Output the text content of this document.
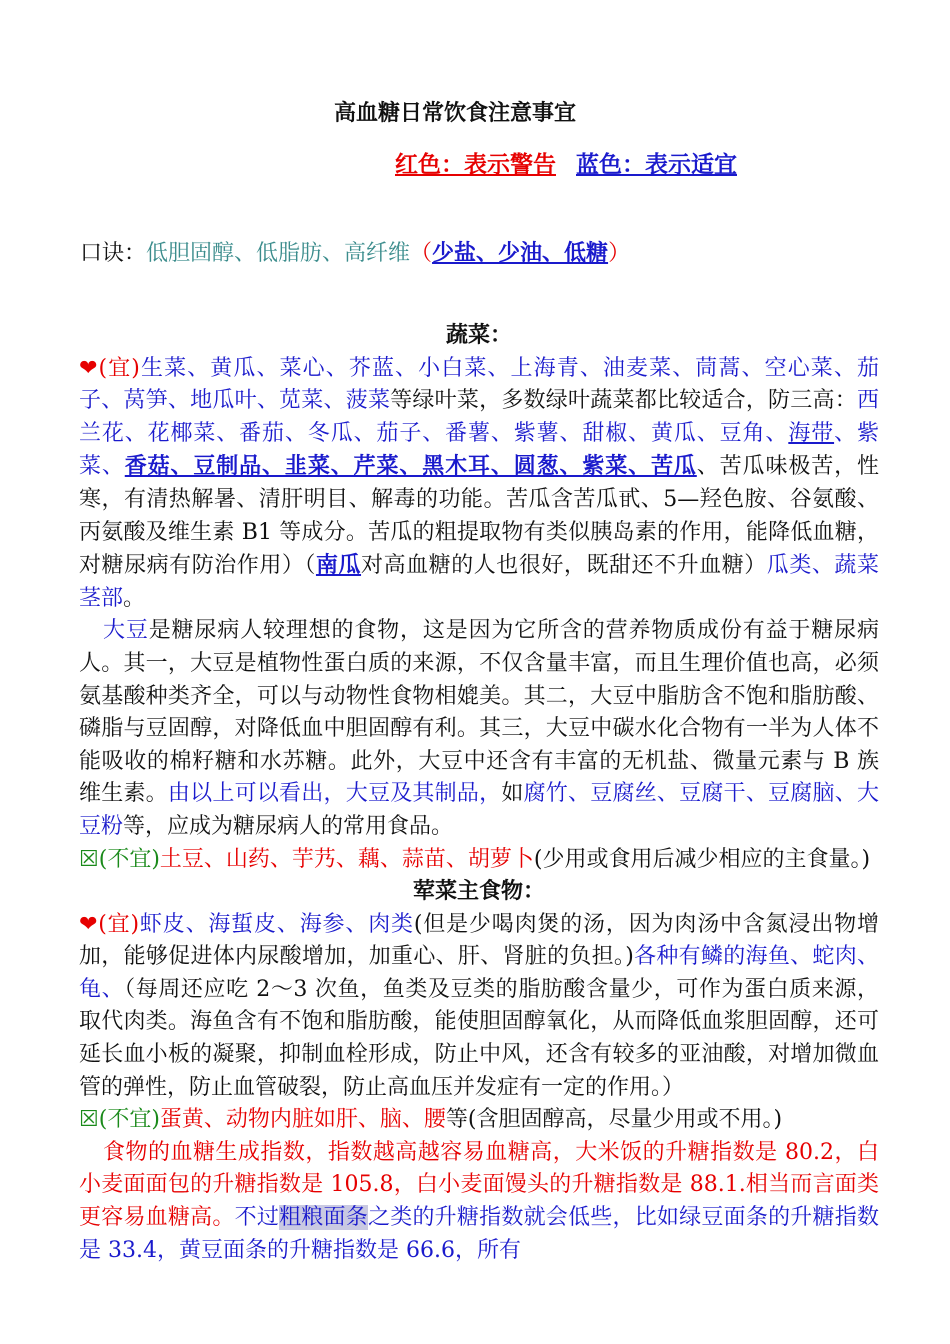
高血糖日常饮食注意事宜
红色：表示警告 蓝色：表示适宜
口诀：低胆固醇、低脂肪、高纤维（少盐、少油、低糖）

蔬菜：

❤(宜)生菜、黄瓜、菜心、芥蓝、小白菜、上海青、油麦菜、茼蒿、空心菜、茄子、莴笋、地瓜叶、苋菜、菠菜等绿叶菜，多数绿叶蔬菜都比较适合，防三高：西兰花、花椰菜、番茄、冬瓜、茄子、番薯、紫薯、甜椒、黄瓜、豆角、海带、紫菜、香菇、豆制品、韭菜、芹菜、黑木耳、圆葱、紫菜、苦瓜、苦瓜味极苦，性寒，有清热解暑、清肝明目、解毒的功能。苦瓜含苦瓜甙、5—羟色胺、谷氨酸、丙氨酸及维生素 B1 等成分。苦瓜的粗提取物有类似胰岛素的作用，能降低血糖，对糖尿病有防治作用）（南瓜对高血糖的人也很好，既甜还不升血糖）瓜类、蔬菜茎部。

大豆是糖尿病人较理想的食物，这是因为它所含的营养物质成份有益于糖尿病人。其一，大豆是植物性蛋白质的来源，不仅含量丰富，而且生理价值也高，必须氨基酸种类齐全，可以与动物性食物相媲美。其二，大豆中脂肪含不饱和脂肪酸、磷脂与豆固醇，对降低血中胆固醇有利。其三，大豆中碳水化合物有一半为人体不能吸收的棉籽糖和水苏糖。此外，大豆中还含有丰富的无机盐、微量元素与 B 族维生素。由以上可以看出，大豆及其制品，如腐竹、豆腐丝、豆腐干、豆腐脑、大豆粉等，应成为糖尿病人的常用食品。

☒(不宜)土豆、山药、芋艿、藕、蒜苗、胡萝卜(少用或食用后减少相应的主食量。)

荤菜主食物：

❤(宜)虾皮、海蜇皮、海参、肉类(但是少喝肉煲的汤，因为肉汤中含氮浸出物增加，能够促进体内尿酸增加，加重心、肝、肾脏的负担。)各种有鳞的海鱼、蛇肉、龟、（每周还应吃 2～3 次鱼，鱼类及豆类的脂肪酸含量少，可作为蛋白质来源，取代肉类。海鱼含有不饱和脂肪酸，能使胆固醇氧化，从而降低血浆胆固醇，还可延长血小板的凝聚，抑制血栓形成，防止中风，还含有较多的亚油酸，对增加微血管的弹性，防止血管破裂，防止高血压并发症有一定的作用。）

☒(不宜)蛋黄、动物内脏如肝、脑、腰等(含胆固醇高，尽量少用或不用。)

食物的血糖生成指数，指数越高越容易血糖高，大米饭的升糖指数是 80.2，白小麦面面包的升糖指数是 105.8，白小麦面馒头的升糖指数是 88.1.相当而言面类更容易血糖高。不过粗粮面条之类的升糖指数就会低些，比如绿豆面条的升糖指数是 33.4，黄豆面条的升糖指数是 66.6，所有
